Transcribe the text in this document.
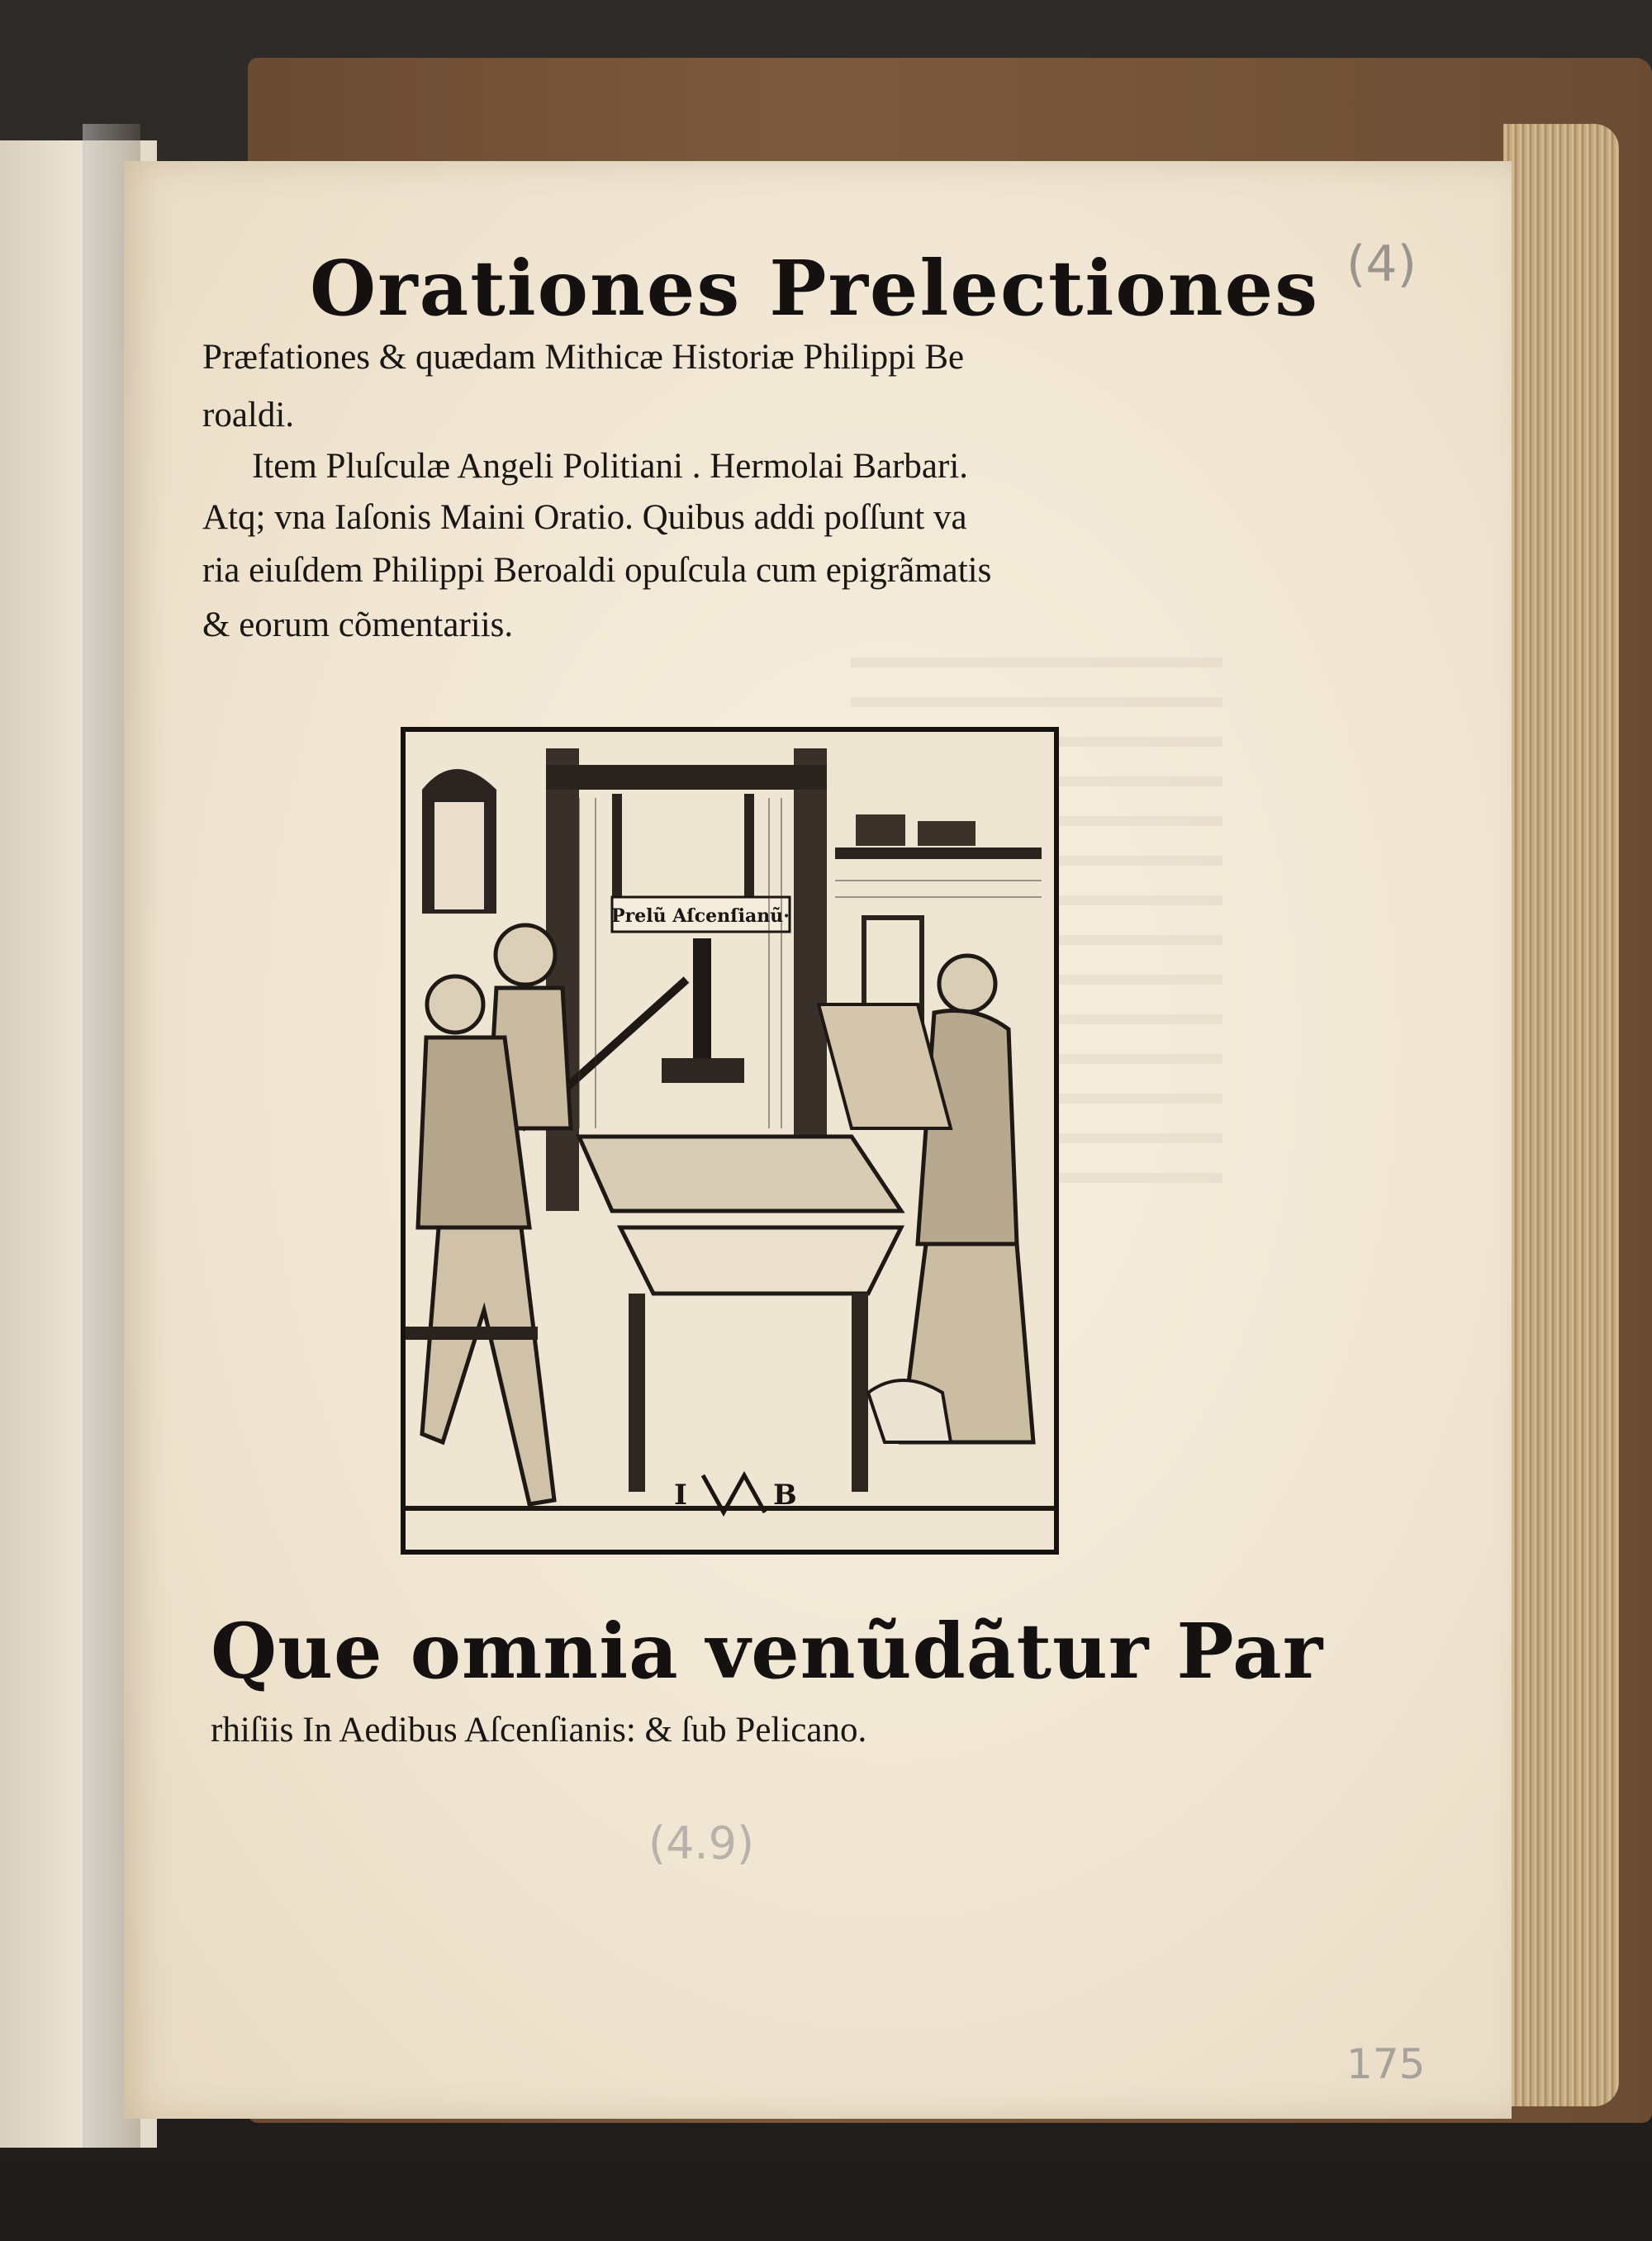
(4)
Orationes Prelectiones
Præfationes & quædam Mithicæ Historiæ Philippi Be
roaldi.
Item Pluſculæ Angeli Politiani . Hermolai Barbari.
Atq; vna Iaſonis Maini Oratio. Quibus addi poſſunt va
ria eiuſdem Philippi Beroaldi opuſcula cum epigrãmatis
& eorum cõmentariis.
Prelũ Aſcenſianũ·
I	B
Que omnia venũdãtur Par
rhiſiis In Aedibus Aſcenſianis: & ſub Pelicano.
(4.9)
175
